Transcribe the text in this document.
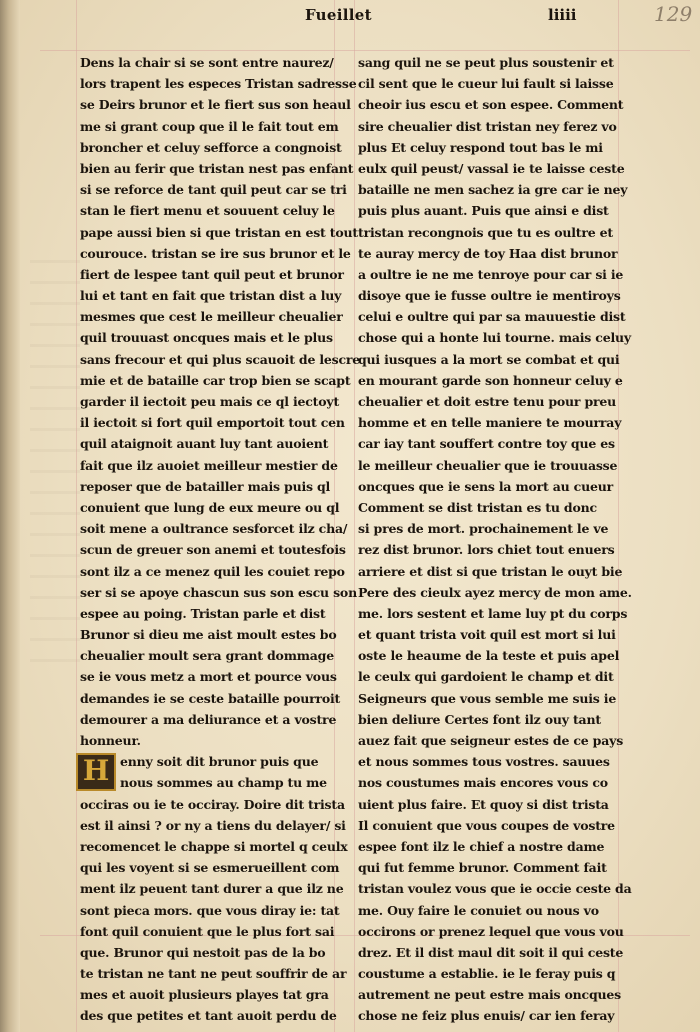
Fueillet	liiii	129
Dens la chair si se sont entre naurez/
lors trapent les especes Tristan sadresse
se Deirs brunor et le fiert sus son heaul
me si grant coup que il le fait tout em
broncher et celuy sefforce a congnoist
bien au ferir que tristan nest pas enfant
si se reforce de tant quil peut car se tri
stan le fiert menu et souuent celuy le
pape aussi bien si que tristan en est tout
courouce. tristan se ire sus brunor et le
fiert de lespee tant quil peut et brunor
lui et tant en fait que tristan dist a luy
mesmes que cest le meilleur cheualier
quil trouuast oncques mais et le plus
sans frecour et qui plus scauoit de lescre
mie et de bataille car trop bien se scapt
garder il iectoit peu mais ce ql iectoyt
il iectoit si fort quil emportoit tout cen
quil ataignoit auant luy tant auoient
fait que ilz auoiet meilleur mestier de
reposer que de batailler mais puis ql
conuient que lung de eux meure ou ql
soit mene a oultrance sesforcet ilz cha/
scun de greuer son anemi et toutesfois
sont ilz a ce menez quil les couiet repo
ser si se apoye chascun sus son escu son
espee au poing. Tristan parle et dist
Brunor si dieu me aist moult estes bo
cheualier moult sera grant dommage
se ie vous metz a mort et pource vous
demandes ie se ceste bataille pourroit
demourer a ma deliurance et a vostre
honneur.
H enny soit dit brunor puis que
nous sommes au champ tu me
occiras ou ie te occiray. Doire dit trista
est il ainsi ? or ny a tiens du delayer/ si
recomencet le chappe si mortel q ceulx
qui les voyent si se esmerueillent com
ment ilz peuent tant durer a que ilz ne
sont pieca mors. que vous diray ie: tat
font quil conuient que le plus fort sai
que. Brunor qui nestoit pas de la bo
te tristan ne tant ne peut souffrir de ar
mes et auoit plusieurs playes tat gra
des que petites et tant auoit perdu de
sang quil ne se peut plus soustenir et
cil sent que le cueur lui fault si laisse
cheoir ius escu et son espee. Comment
sire cheualier dist tristan ney ferez vo
plus Et celuy respond tout bas le mi
eulx quil peust/ vassal ie te laisse ceste
bataille ne men sachez ia gre car ie ney
puis plus auant. Puis que ainsi e dist
tristan recongnois que tu es oultre et
te auray mercy de toy Haa dist brunor
a oultre ie ne me tenroye pour car si ie
disoye que ie fusse oultre ie mentiroys
celui e oultre qui par sa mauuestie dist
chose qui a honte lui tourne. mais celuy
qui iusques a la mort se combat et qui
en mourant garde son honneur celuy e
cheualier et doit estre tenu pour preu
homme et en telle maniere te mourray
car iay tant souffert contre toy que es
le meilleur cheualier que ie trouuasse
oncques que ie sens la mort au cueur
Comment se dist tristan es tu donc
si pres de mort. prochainement le ve
rez dist brunor. lors chiet tout enuers
arriere et dist si que tristan le ouyt bie
Pere des cieulx ayez mercy de mon ame.
me. lors sestent et lame luy pt du corps
et quant trista voit quil est mort si lui
oste le heaume de la teste et puis apel
le ceulx qui gardoient le champ et dit
Seigneurs que vous semble me suis ie
bien deliure Certes font ilz ouy tant
auez fait que seigneur estes de ce pays
et nous sommes tous vostres. sauues
nos coustumes mais encores vous co
uient plus faire. Et quoy si dist trista
Il conuient que vous coupes de vostre
espee font ilz le chief a nostre dame
qui fut femme brunor. Comment fait
tristan voulez vous que ie occie ceste da
me. Ouy faire le conuiet ou nous vo
occirons or prenez lequel que vous vou
drez. Et il dist maul dit soit il qui ceste
coustume a establie. ie le feray puis q
autrement ne peut estre mais oncques
chose ne feiz plus enuis/ car ien feray
